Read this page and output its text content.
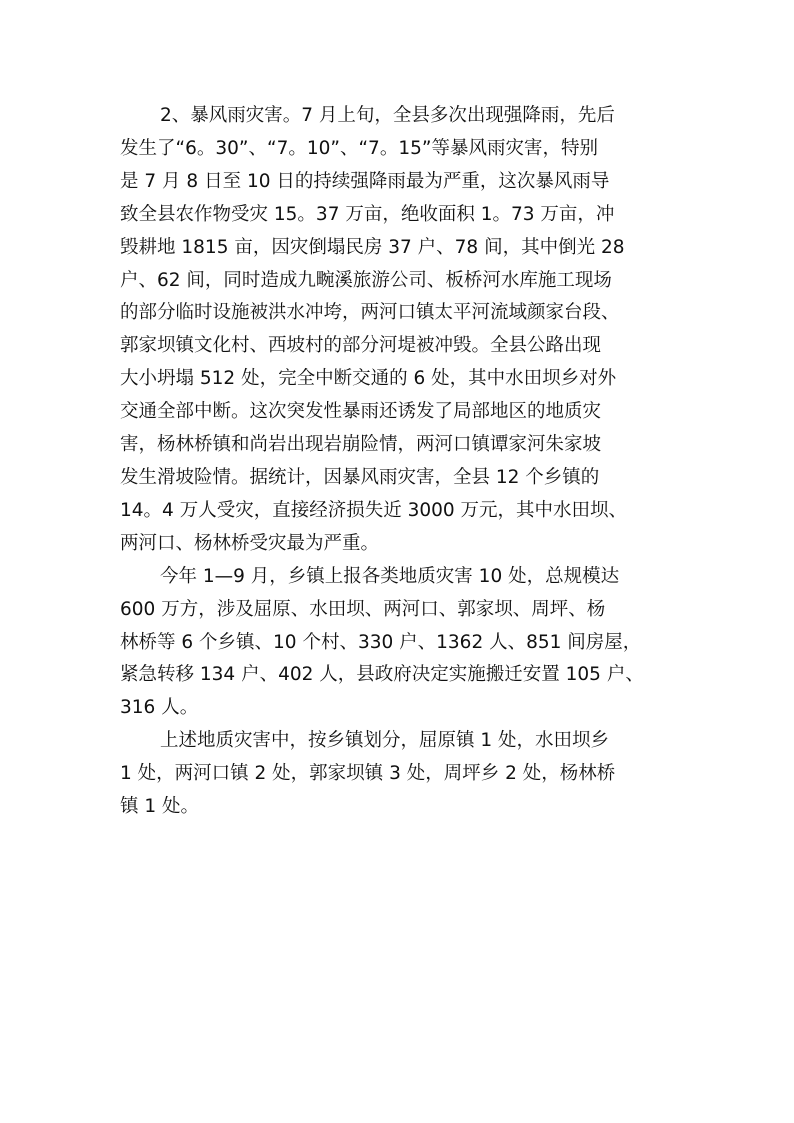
2、暴风雨灾害。7 月上旬，全县多次出现强降雨，先后
发生了“6。30”、“7。10”、“7。15”等暴风雨灾害，特别
是 7 月 8 日至 10 日的持续强降雨最为严重，这次暴风雨导
致全县农作物受灾 15。37 万亩，绝收面积 1。73 万亩，冲
毁耕地 1815 亩，因灾倒塌民房 37 户、78 间，其中倒光 28
户、62 间，同时造成九畹溪旅游公司、板桥河水库施工现场
的部分临时设施被洪水冲垮，两河口镇太平河流域颜家台段、
郭家坝镇文化村、西坡村的部分河堤被冲毁。全县公路出现
大小坍塌 512 处，完全中断交通的 6 处，其中水田坝乡对外
交通全部中断。这次突发性暴雨还诱发了局部地区的地质灾
害，杨林桥镇和尚岩出现岩崩险情，两河口镇谭家河朱家坡
发生滑坡险情。据统计，因暴风雨灾害，全县 12 个乡镇的
14。4 万人受灾，直接经济损失近 3000 万元，其中水田坝、
两河口、杨林桥受灾最为严重。
今年 1—9 月，乡镇上报各类地质灾害 10 处，总规模达
600 万方，涉及屈原、水田坝、两河口、郭家坝、周坪、杨
林桥等 6 个乡镇、10 个村、330 户、1362 人、851 间房屋，
紧急转移 134 户、402 人，县政府决定实施搬迁安置 105 户、
316 人。
上述地质灾害中，按乡镇划分，屈原镇 1 处，水田坝乡
1 处，两河口镇 2 处，郭家坝镇 3 处，周坪乡 2 处，杨林桥
镇 1 处。
